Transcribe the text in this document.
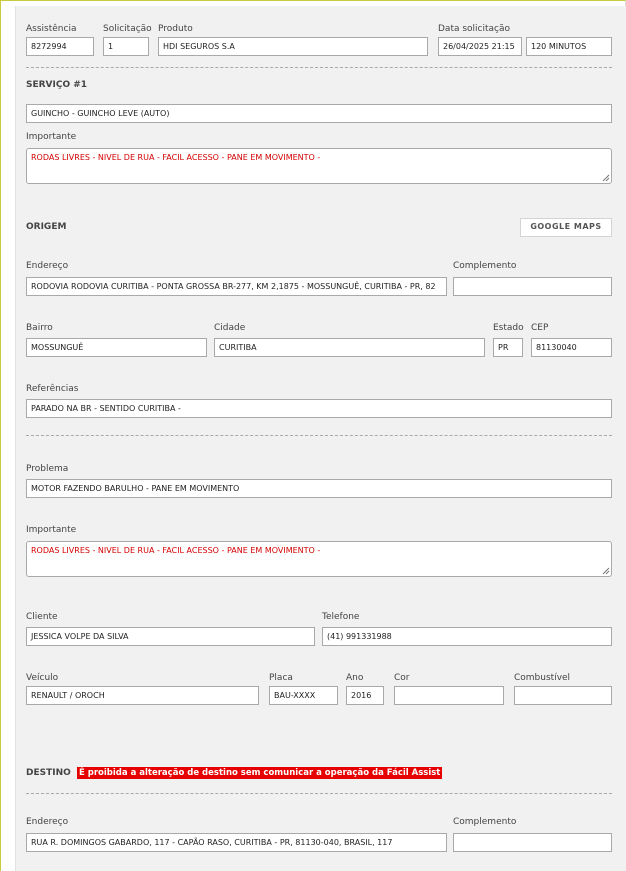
Assistência
8272994
Solicitação
1
Produto
HDI SEGUROS S.A
Data solicitação
26/04/2025 21:15	120 MINUTOS
SERVIÇO #1
GUINCHO - GUINCHO LEVE (AUTO)
Importante
RODAS LIVRES - NIVEL DE RUA - FACIL ACESSO - PANE EM MOVIMENTO -
ORIGEM	GOOGLE MAPS
Endereço
RODOVIA RODOVIA CURITIBA - PONTA GROSSA BR-277, KM 2,1875 - MOSSUNGUÊ, CURITIBA - PR, 82
Complemento
Bairro
MOSSUNGUÊ
Cidade
CURITIBA
Estado
PR
CEP
81130040
Referências
PARADO NA BR - SENTIDO CURITIBA -
Problema
MOTOR FAZENDO BARULHO - PANE EM MOVIMENTO
Importante
RODAS LIVRES - NIVEL DE RUA - FACIL ACESSO - PANE EM MOVIMENTO -
Cliente
JESSICA VOLPE DA SILVA
Telefone
(41) 991331988
Veículo
RENAULT / OROCH
Placa
BAU-XXXX
Ano
2016
Cor	Combustível
DESTINO É proibida a alteração de destino sem comunicar a operação da Fácil Assist
Endereço
RUA R. DOMINGOS GABARDO, 117 - CAPÃO RASO, CURITIBA - PR, 81130-040, BRASIL, 117
Complemento
